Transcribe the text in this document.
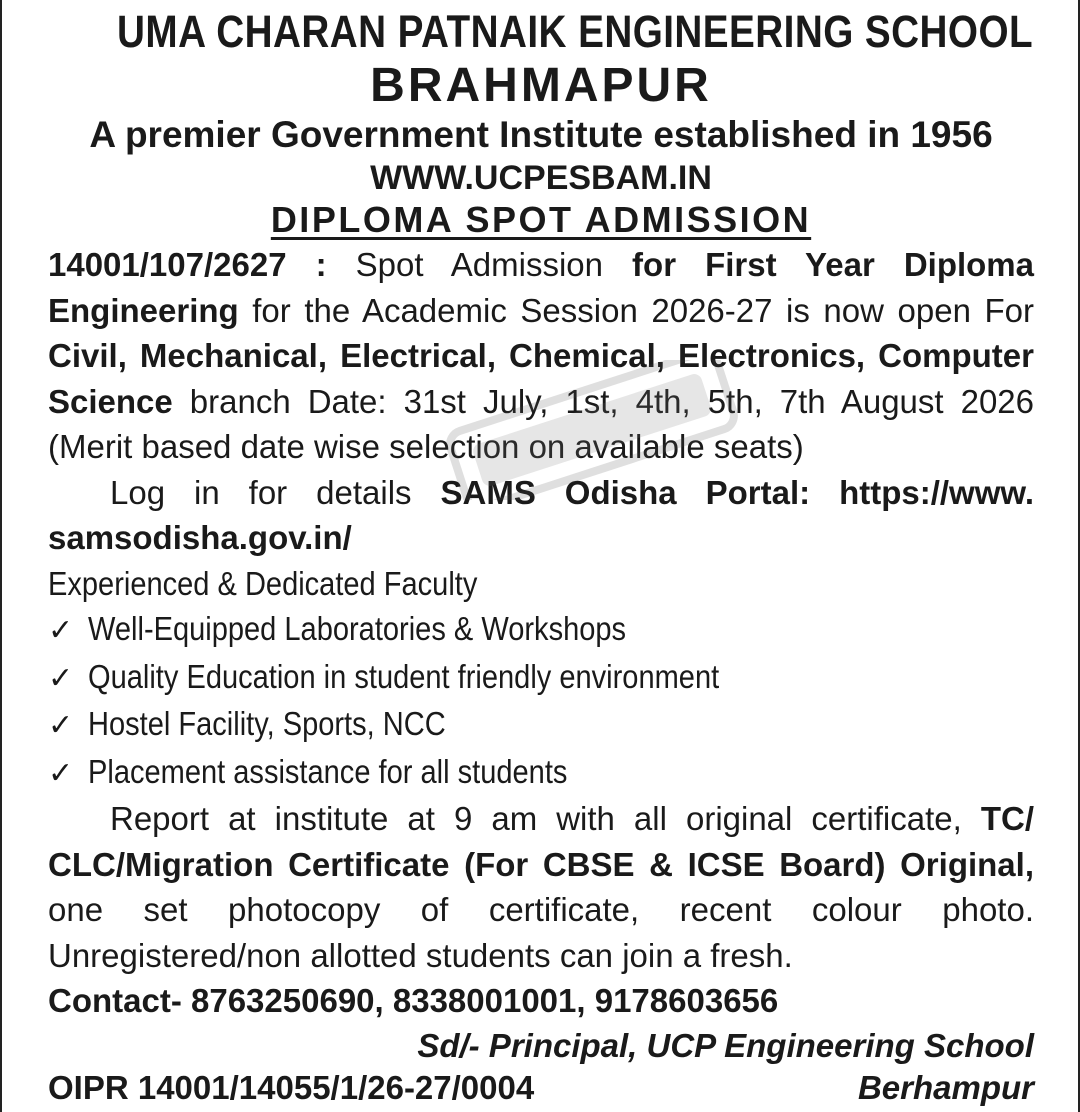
UMA CHARAN PATNAIK ENGINEERING SCHOOL
BRAHMAPUR
A premier Government Institute established in 1956
WWW.UCPESBAM.IN
DIPLOMA SPOT ADMISSION
14001/107/2627 : Spot Admission for First Year Diploma Engineering for the Academic Session 2026-27 is now open For Civil, Mechanical, Electrical, Chemical, Electronics, Computer Science branch Date: 31st July, 1st, 4th, 5th, 7th August 2026 (Merit based date wise selection on available seats)
Log in for details SAMS Odisha Portal: https://www. samsodisha.gov.in/
Experienced & Dedicated Faculty
✓ Well-Equipped Laboratories & Workshops
✓ Quality Education in student friendly environment
✓ Hostel Facility, Sports, NCC
✓ Placement assistance for all students
Report at institute at 9 am with all original certificate, TC/ CLC/Migration Certificate (For CBSE & ICSE Board) Original, one set photocopy of certificate, recent colour photo. Unregistered/non allotted students can join a fresh.
Contact- 8763250690, 8338001001, 9178603656
Sd/- Principal, UCP Engineering School
OIPR 14001/14055/1/26-27/0004	Berhampur
